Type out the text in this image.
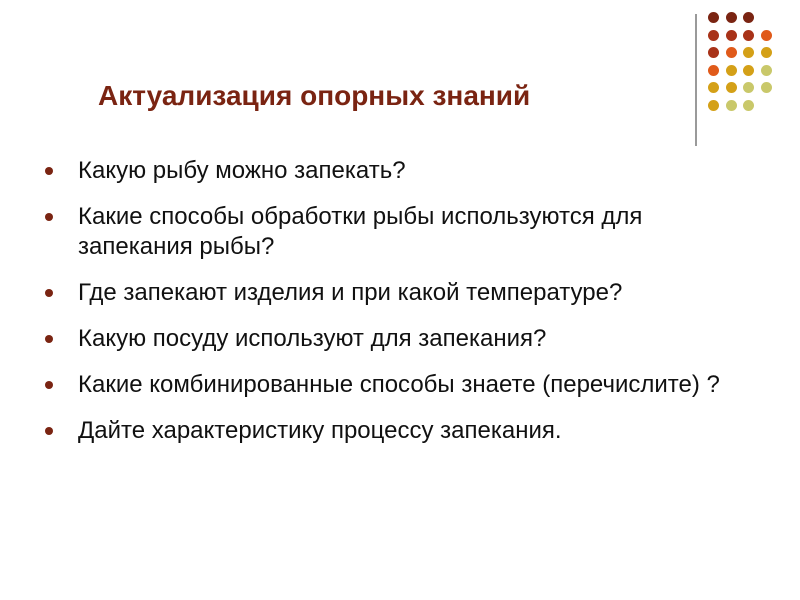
Актуализация опорных знаний
Какую рыбу можно запекать?
Какие способы обработки рыбы используются для запекания рыбы?
Где запекают изделия и при какой температуре?
Какую посуду используют для запекания?
Какие комбинированные способы знаете (перечислите) ?
Дайте характеристику процессу запекания.
